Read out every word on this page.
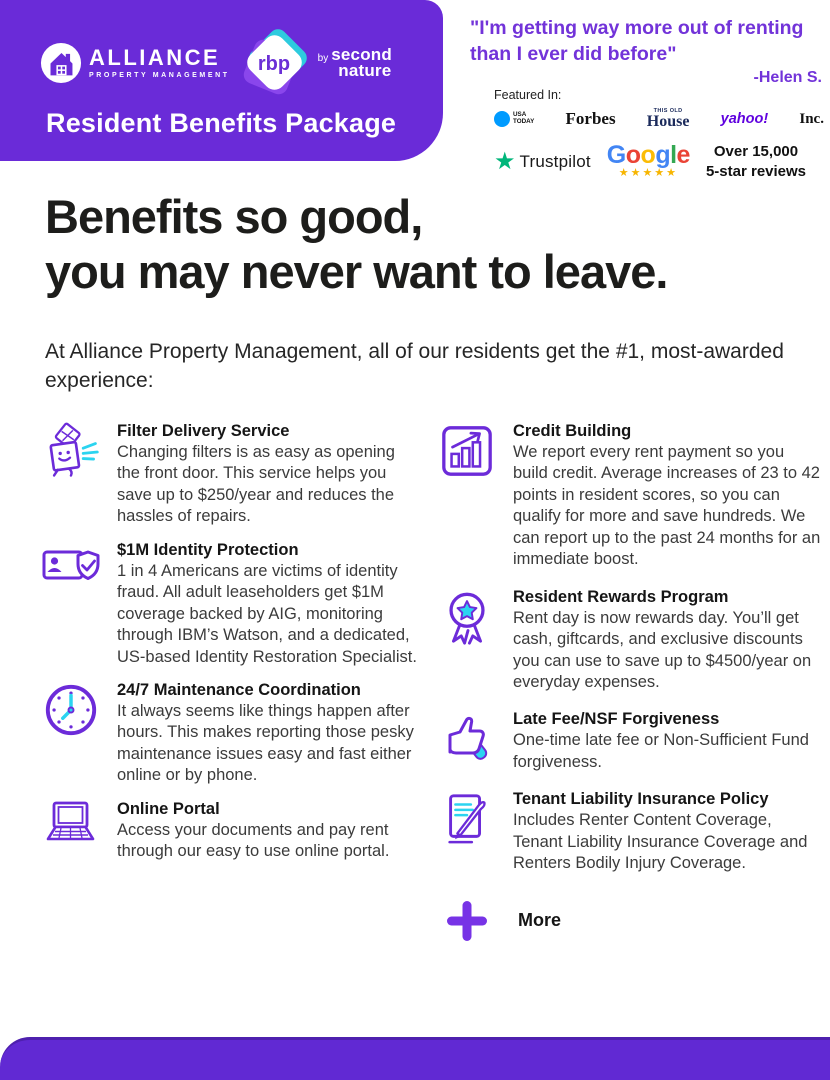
ALLIANCE
PROPERTY MANAGEMENT
rbp	by second
nature
Resident Benefits Package

"I'm getting way more out of renting than I ever did before"

-Helen S.

Featured In:
USA
TODAY Forbes	THIS OLD
House yahoo! Inc.
★ Trustpilot Google
★★★★★
Over 15,000
5-star reviews
Benefits so good,
you may never want to leave.

At Alliance Property Management, all of our residents get the #1, most-awarded experience:

Filter Delivery Service
Changing filters is as easy as opening the front door. This service helps you save up to $250/year and reduces the hassles of repairs.
$1M Identity Protection
1 in 4 Americans are victims of identity fraud. All adult leaseholders get $1M coverage backed by AIG, monitoring through IBM’s Watson, and a dedicated, US-based Identity Restoration Specialist.
24/7 Maintenance Coordination
It always seems like things happen after hours. This makes reporting those pesky maintenance issues easy and fast either online or by phone.
Online Portal
Access your documents and pay rent through our easy to use online portal.
Credit Building
We report every rent payment so you build credit. Average increases of 23 to 42 points in resident scores, so you can qualify for more and save hundreds. We can report up to the past 24 months for an immediate boost.
Resident Rewards Program
Rent day is now rewards day. You’ll get cash, giftcards, and exclusive discounts you can use to save up to $4500/year on everyday expenses.
Late Fee/NSF Forgiveness
One-time late fee or Non-Sufficient Fund forgiveness.
Tenant Liability Insurance Policy
Includes Renter Content Coverage, Tenant Liability Insurance Coverage and Renters Bodily Injury Coverage.
More
